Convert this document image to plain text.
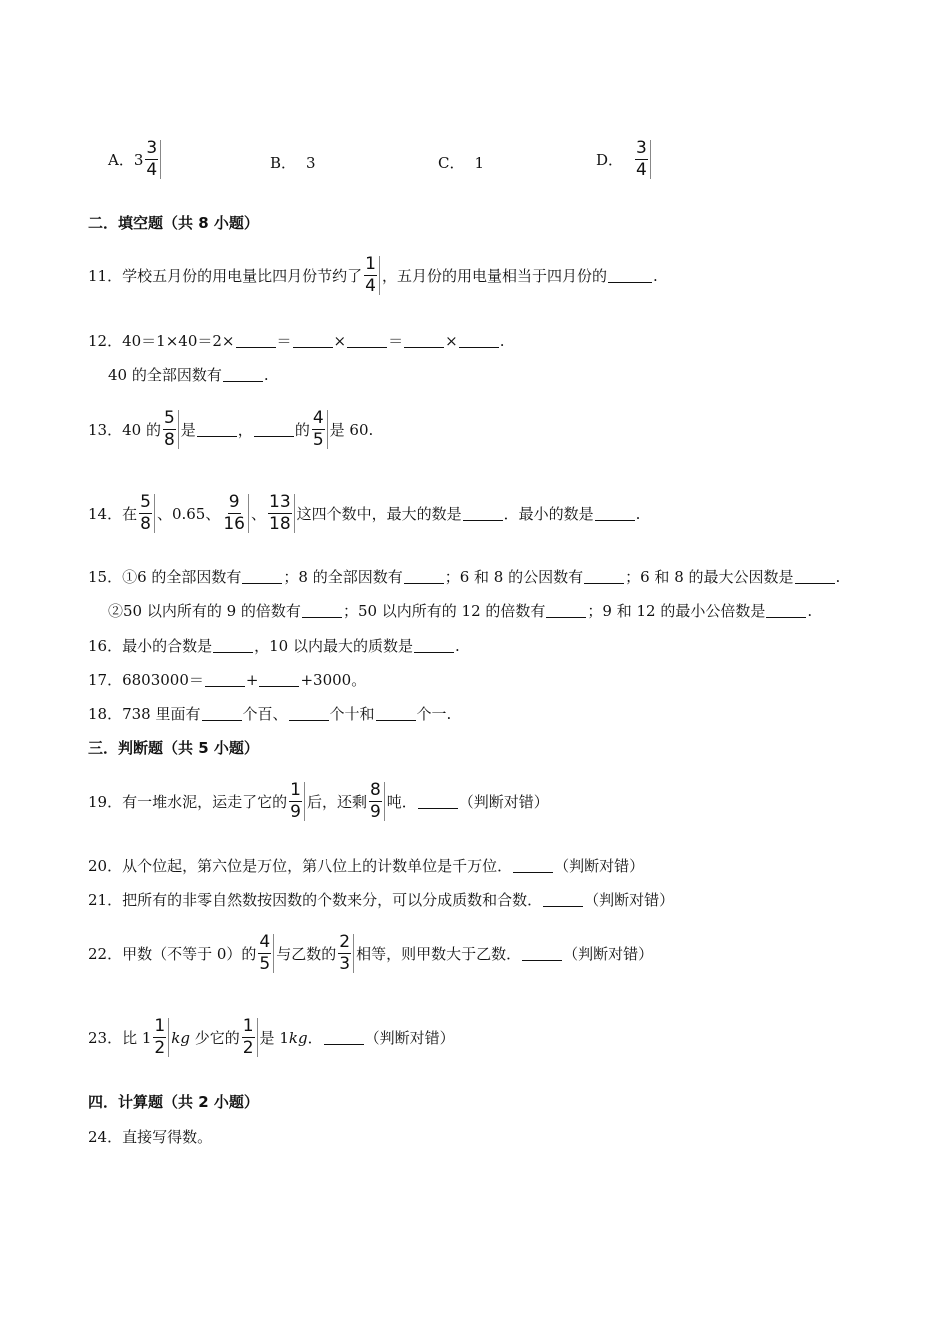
A． $3 \frac{3}{4}$	B． 3	C． 1	D． $\frac{3}{4}$
二．填空题（共 8 小题）
11． 学校五月份的用电量比四月份节约了 $\frac{1}{4}$ ，五月份的用电量相当于四月份的	.
12． 40＝1×40＝2×	＝	×	＝	×	.
40 的全部因数有	.
13． 40 的 $\frac{5}{8}$ 是	，	的 $\frac{4}{5}$ 是 60.
14． 在 $\frac{5}{8}$ 、0.65、 $\frac{9}{16}$ 、 $\frac{13}{18}$ 这四个数中，最大的数是	．最小的数是	.
15． ①6 的全部因数有	；8 的全部因数有	；6 和 8 的公因数有	；6 和 8 的最大公因数是	.
②50 以内所有的 9 的倍数有	；50 以内所有的 12 的倍数有	；9 和 12 的最小公倍数是	.
16． 最小的合数是	，10 以内最大的质数是	.
17． 6803000＝	+	+3000。
18． 738 里面有	个百、	个十和	个一.
三．判断题（共 5 小题）
19． 有一堆水泥，运走了它的 $\frac{1}{9}$ 后，还剩 $\frac{8}{9}$ 吨．	（判断对错）
20． 从个位起，第六位是万位，第八位上的计数单位是千万位．	（判断对错）
21． 把所有的非零自然数按因数的个数来分，可以分成质数和合数．	（判断对错）
22． 甲数（不等于 0）的 $\frac{4}{5}$ 与乙数的 $\frac{2}{3}$ 相等，则甲数大于乙数．	（判断对错）
23． 比 $1 \frac{1}{2}$ kg 少它的 $\frac{1}{2}$ 是 1 kg ．	（判断对错）
四．计算题（共 2 小题）
24． 直接写得数。
